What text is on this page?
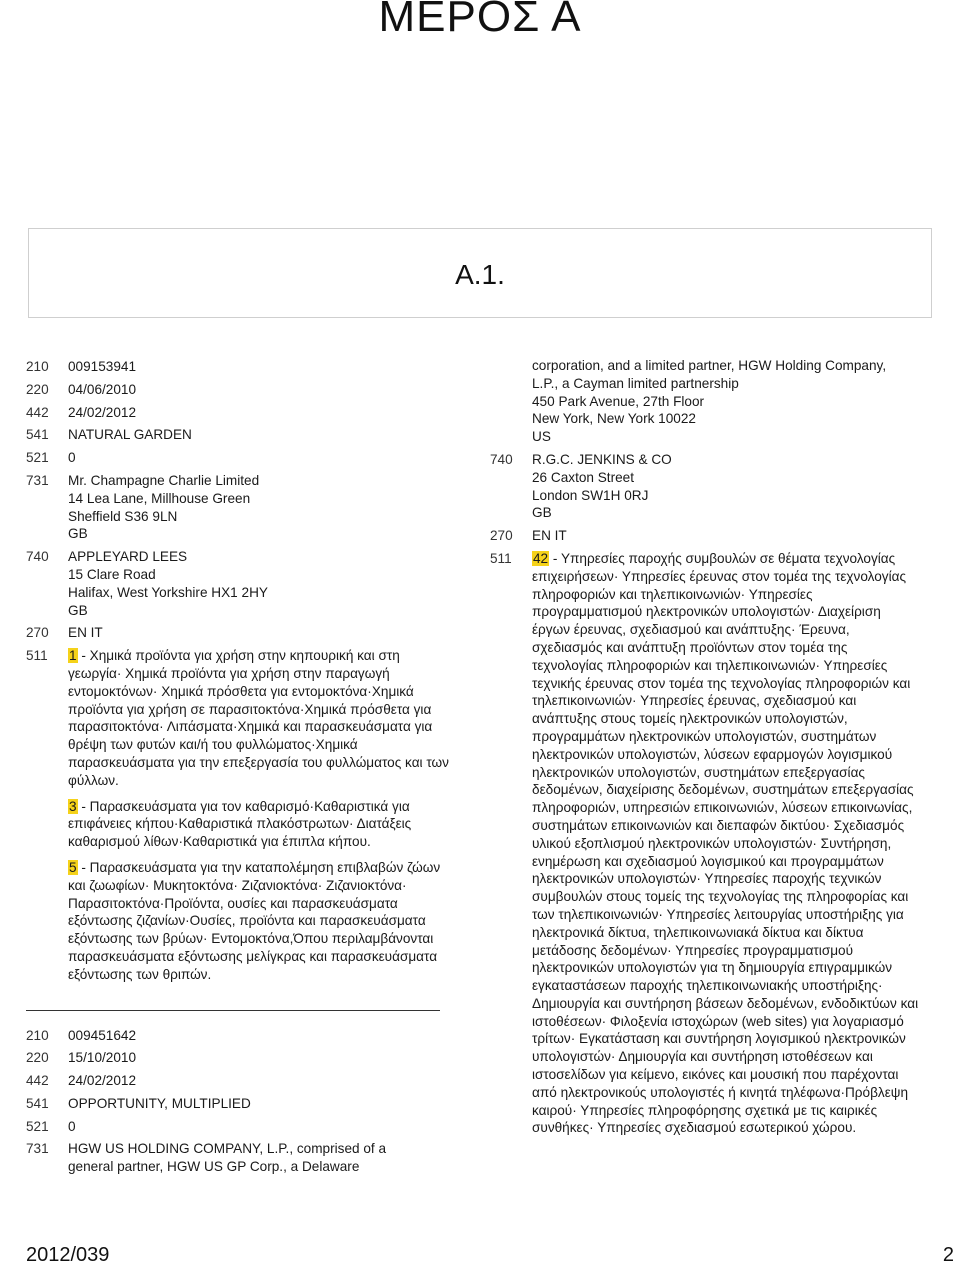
ΜΕΡΟΣ Α
A.1.
210	009153941
220	04/06/2010
442	24/02/2012
541	NATURAL GARDEN
521	0
731	Mr. Champagne Charlie Limited
14 Lea Lane, Millhouse Green
Sheffield S36 9LN
GB
740	APPLEYARD LEES
15 Clare Road
Halifax, West Yorkshire HX1 2HY
GB
270	EN IT
511	1 - Χημικά προϊόντα για χρήση στην κηπουρική και στη γεωργία· Χημικά προϊόντα για χρήση στην παραγωγή εντομοκτόνων· Χημικά πρόσθετα για εντομοκτόνα·Χημικά προϊόντα για χρήση σε παρασιτοκτόνα·Χημικά πρόσθετα για παρασιτοκτόνα· Λιπάσματα·Χημικά και παρασκευάσματα για θρέψη των φυτών και/ή του φυλλώματος·Χημικά παρασκευάσματα για την επεξεργασία του φυλλώματος και των φύλλων.
3 - Παρασκευάσματα για τον καθαρισμό·Καθαριστικά για επιφάνειες κήπου·Καθαριστικά πλακόστρωτων· Διατάξεις καθαρισμού λίθων·Καθαριστικά για έπιπλα κήπου.
5 - Παρασκευάσματα για την καταπολέμηση επιβλαβών ζώων και ζωωφίων· Μυκητοκτόνα· Ζιζανιοκτόνα· Ζιζανιοκτόνα· Παρασιτοκτόνα·Προϊόντα, ουσίες και παρασκευάσματα εξόντωσης ζιζανίων·Ουσίες, προϊόντα και παρασκευάσματα εξόντωσης των βρύων· Εντομοκτόνα,Όπου περιλαμβάνονται παρασκευάσματα εξόντωσης μελίγκρας και παρασκευάσματα εξόντωσης των θριπών.
210	009451642
220	15/10/2010
442	24/02/2012
541	OPPORTUNITY, MULTIPLIED
521	0
731	HGW US HOLDING COMPANY, L.P., comprised of a
general partner, HGW US GP Corp., a Delaware
corporation, and a limited partner, HGW Holding Company,
L.P., a Cayman limited partnership
450 Park Avenue, 27th Floor
New York, New York 10022
US
740	R.G.C. JENKINS & CO
26 Caxton Street
London SW1H 0RJ
GB
270	EN IT
511	42 - Υπηρεσίες παροχής συμβουλών σε θέματα τεχνολογίας επιχειρήσεων· Υπηρεσίες έρευνας στον τομέα της τεχνολογίας πληροφοριών και τηλεπικοινωνιών· Υπηρεσίες προγραμματισμού ηλεκτρονικών υπολογιστών· Διαχείριση έργων έρευνας, σχεδιασμού και ανάπτυξης· Έρευνα, σχεδιασμός και ανάπτυξη προϊόντων στον τομέα της τεχνολογίας πληροφοριών και τηλεπικοινωνιών· Υπηρεσίες τεχνικής έρευνας στον τομέα της τεχνολογίας πληροφοριών και τηλεπικοινωνιών· Υπηρεσίες έρευνας, σχεδιασμού και ανάπτυξης στους τομείς ηλεκτρονικών υπολογιστών, προγραμμάτων ηλεκτρονικών υπολογιστών, συστημάτων ηλεκτρονικών υπολογιστών, λύσεων εφαρμογών λογισμικού ηλεκτρονικών υπολογιστών, συστημάτων επεξεργασίας δεδομένων, διαχείρισης δεδομένων, συστημάτων επεξεργασίας πληροφοριών, υπηρεσιών επικοινωνιών, λύσεων επικοινωνίας, συστημάτων επικοινωνιών και διεπαφών δικτύου· Σχεδιασμός υλικού εξοπλισμού ηλεκτρονικών υπολογιστών· Συντήρηση, ενημέρωση και σχεδιασμού λογισμικού και προγραμμάτων ηλεκτρονικών υπολογιστών· Υπηρεσίες παροχής τεχνικών συμβουλών στους τομείς της τεχνολογίας της πληροφορίας και των τηλεπικοινωνιών· Υπηρεσίες λειτουργίας υποστήριξης για ηλεκτρονικά δίκτυα, τηλεπικοινωνιακά δίκτυα και δίκτυα μετάδοσης δεδομένων· Υπηρεσίες προγραμματισμού ηλεκτρονικών υπολογιστών για τη δημιουργία επιγραμμικών εγκαταστάσεων παροχής τηλεπικοινωνιακής υποστήριξης· Δημιουργία και συντήρηση βάσεων δεδομένων, ενδοδικτύων και ιστοθέσεων· Φιλοξενία ιστοχώρων (web sites) για λογαριασμό τρίτων· Εγκατάσταση και συντήρηση λογισμικού ηλεκτρονικών υπολογιστών· Δημιουργία και συντήρηση ιστοθέσεων και ιστοσελίδων για κείμενο, εικόνες και μουσική που παρέχονται από ηλεκτρονικούς υπολογιστές ή κινητά τηλέφωνα·Πρόβλεψη καιρού· Υπηρεσίες πληροφόρησης σχετικά με τις καιρικές συνθήκες· Υπηρεσίες σχεδιασμού εσωτερικού χώρου.
2012/039	2
